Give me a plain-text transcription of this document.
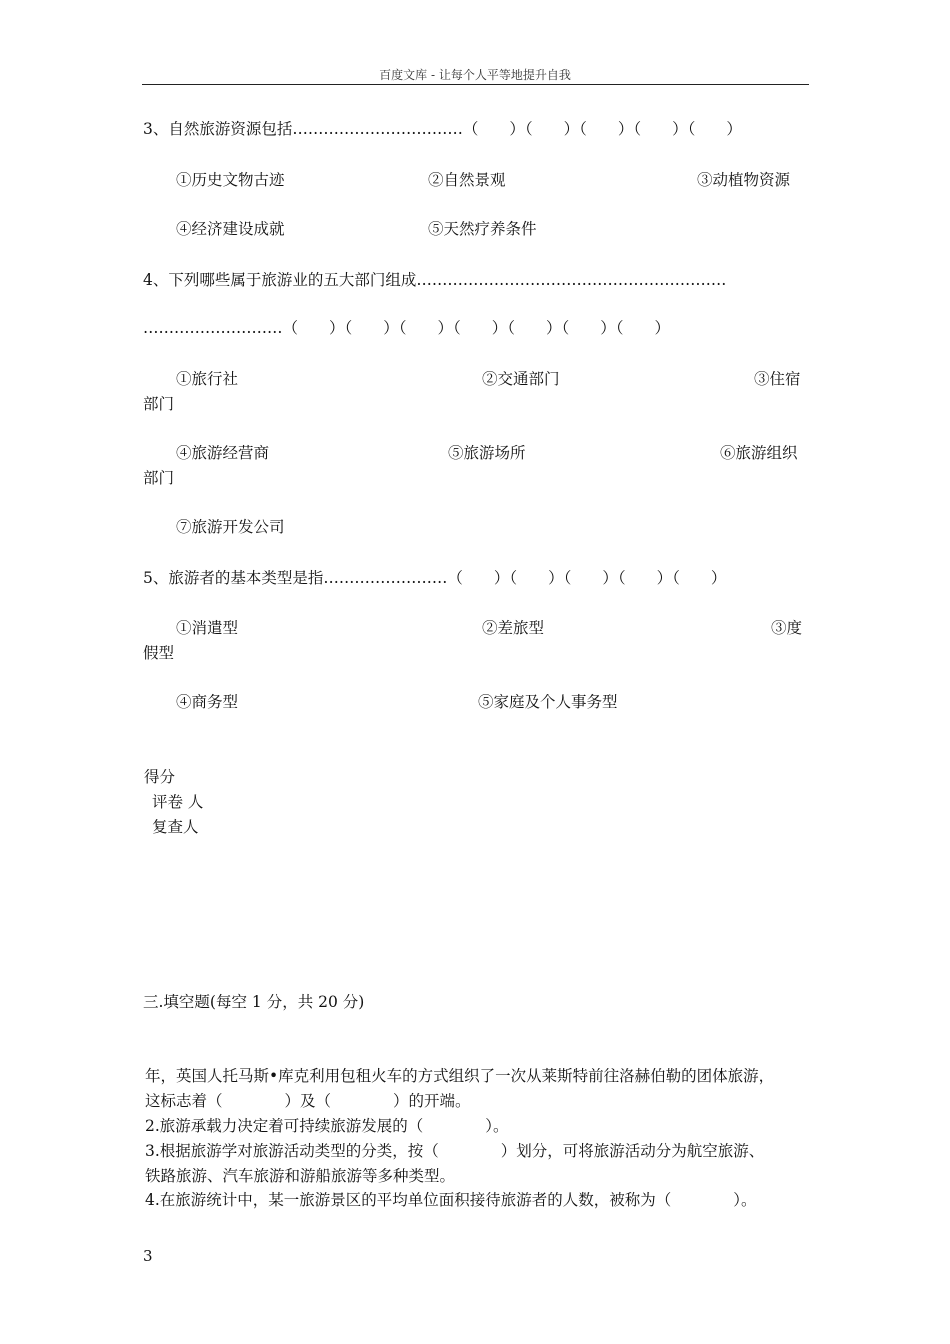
百度文库 - 让每个人平等地提升自我
3、自然旅游资源包括……………………………（　　）（　　）（　　）（　　）（　　）
①历史文物古迹	②自然景观	③动植物资源
④经济建设成就	⑤天然疗养条件
4、下列哪些属于旅游业的五大部门组成……………………………………………………
………………………（　　）（　　）（　　）（　　）（　　）（　　）（　　）
①旅行社	②交通部门	③住宿
部门
④旅游经营商	⑤旅游场所	⑥旅游组织
部门
⑦旅游开发公司
5、旅游者的基本类型是指……………………（　　）（　　）（　　）（　　）（　　）
①消遣型	②差旅型	③度
假型
④商务型	⑤家庭及个人事务型
得分
评卷 人
复查人
三.填空题(每空 1 分，共 20 分)
年，英国人托马斯•库克利用包租火车的方式组织了一次从莱斯特前往洛赫伯勒的团体旅游，
这标志着（　　　　）及（　　　　）的开端。
2.旅游承载力决定着可持续旅游发展的（　　　　）。
3.根据旅游学对旅游活动类型的分类，按（　　　　）划分，可将旅游活动分为航空旅游、
铁路旅游、汽车旅游和游船旅游等多种类型。
4.在旅游统计中，某一旅游景区的平均单位面积接待旅游者的人数，被称为（　　　　）。
3
